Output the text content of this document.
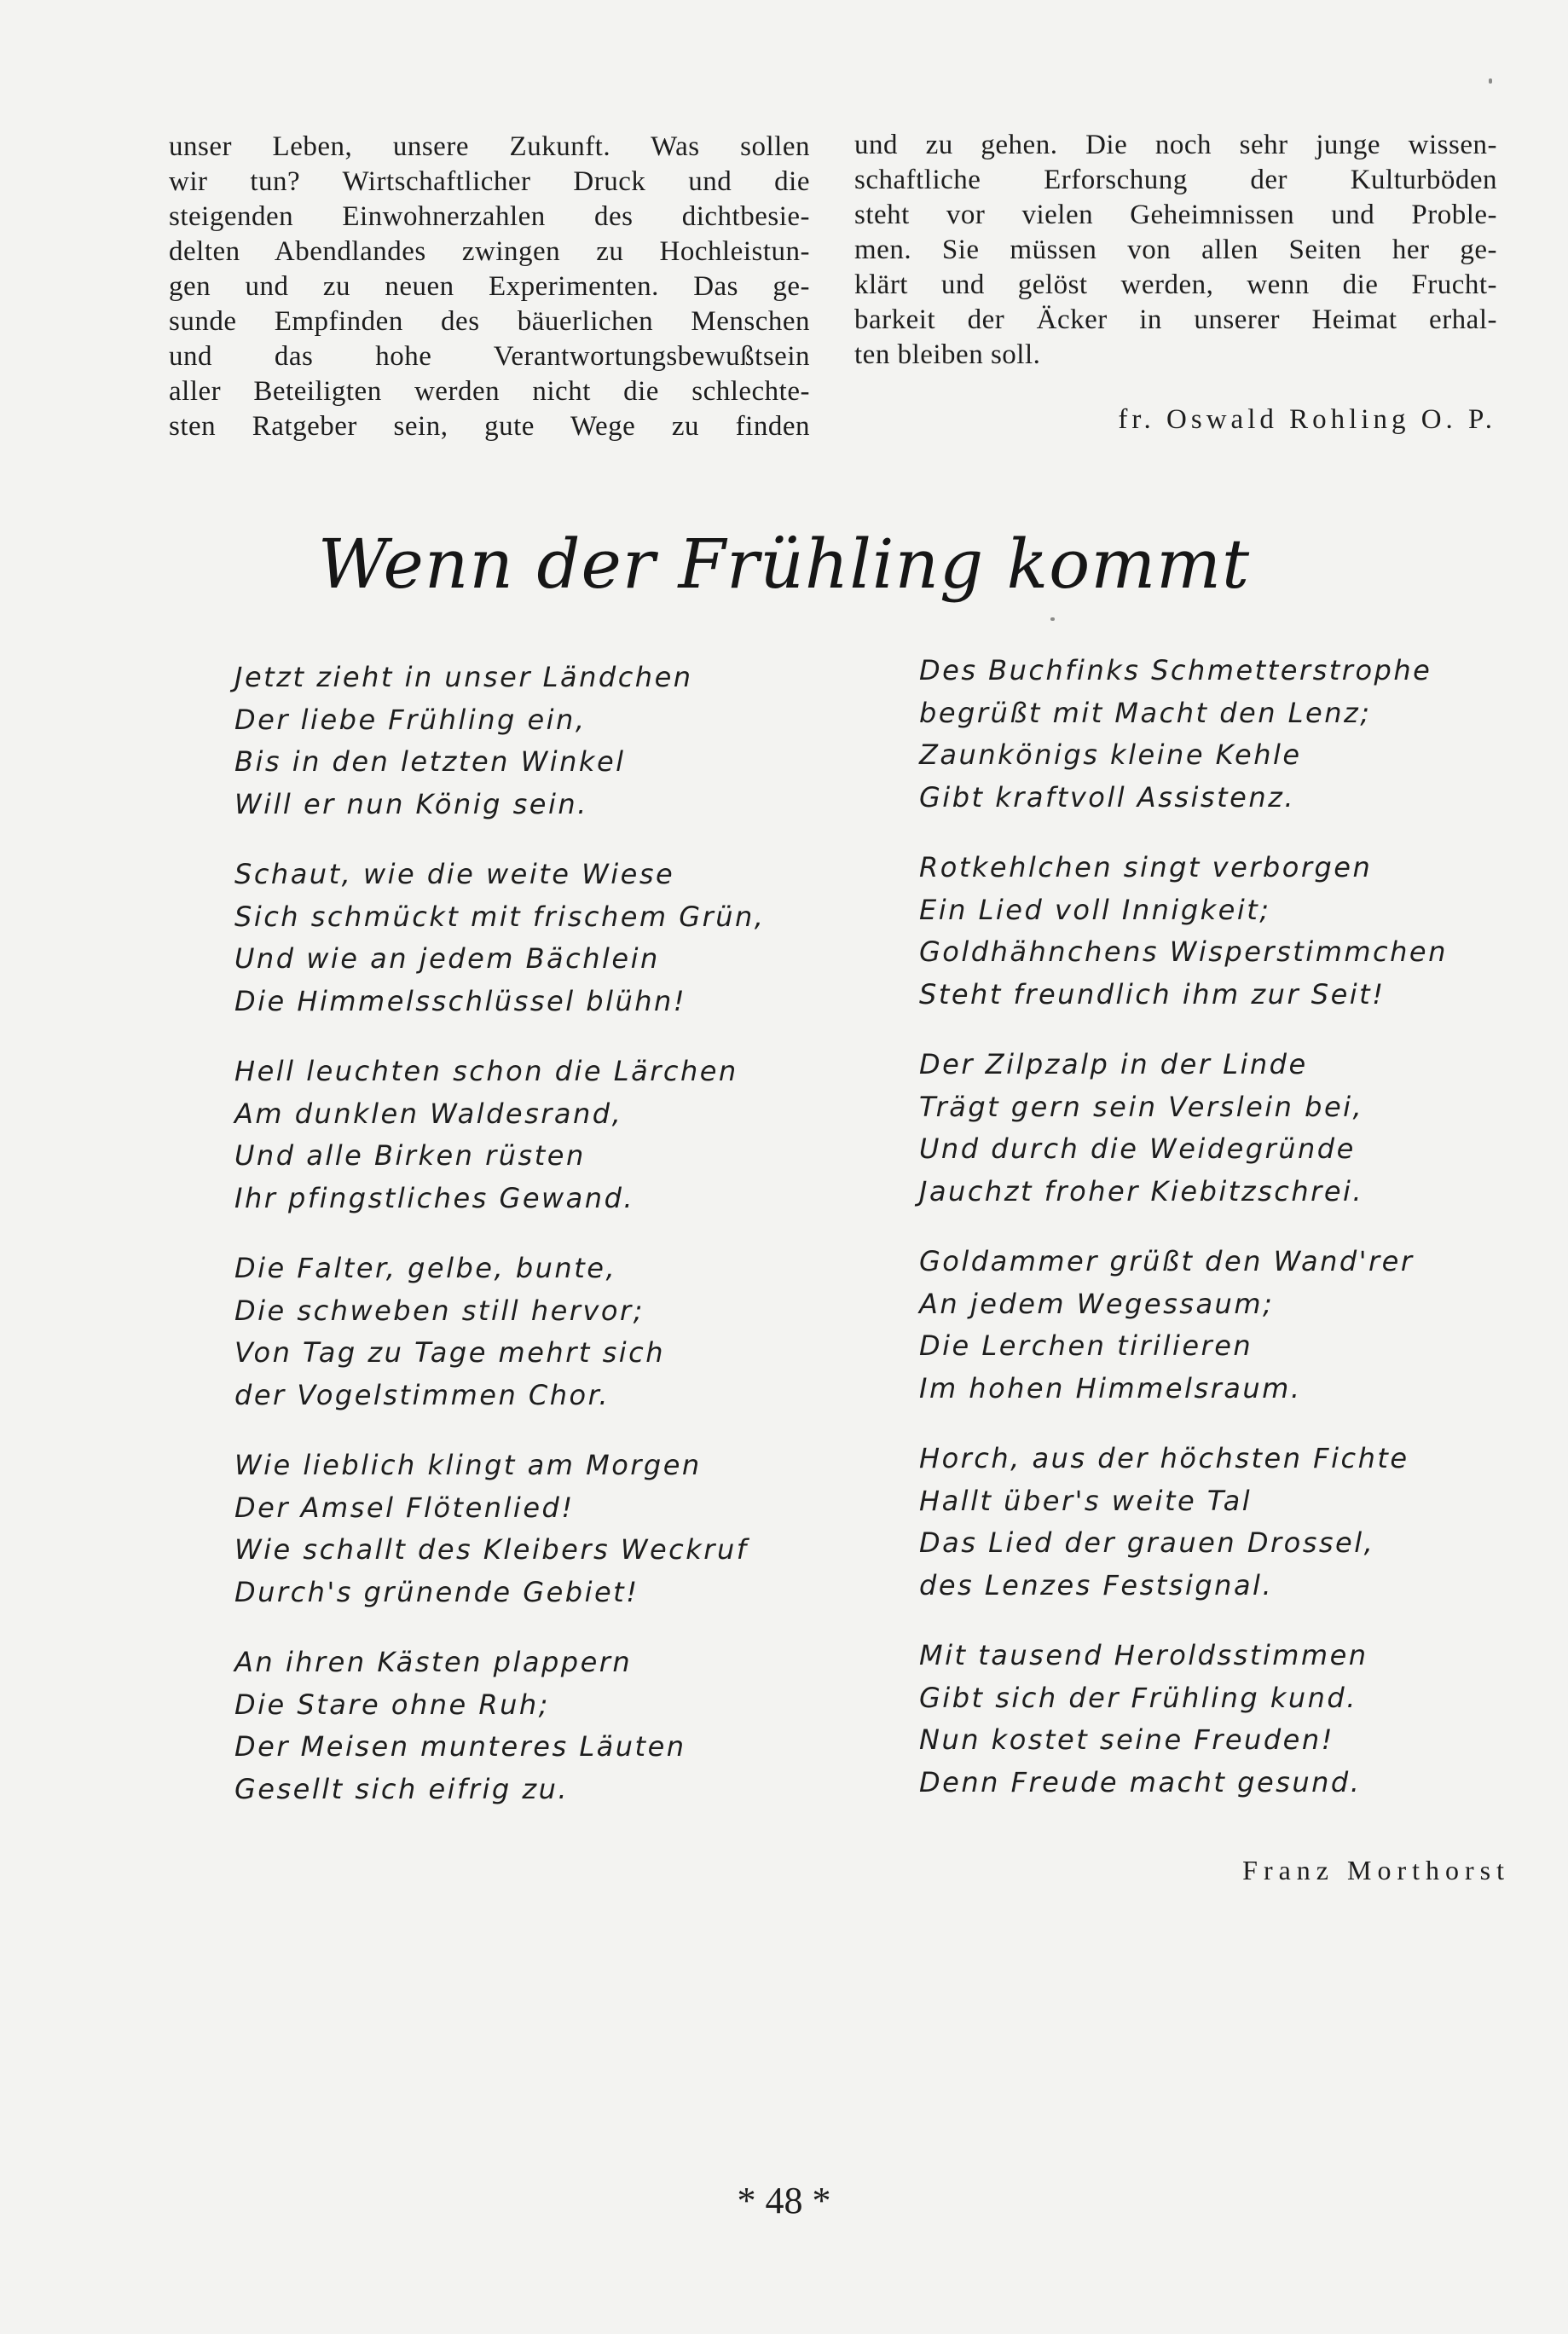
unser Leben, unsere Zukunft. Was sollen
wir tun? Wirtschaftlicher Druck und die
steigenden Einwohnerzahlen des dichtbesie-
delten Abendlandes zwingen zu Hochleistun-
gen und zu neuen Experimenten. Das ge-
sunde Empfinden des bäuerlichen Menschen
und das hohe Verantwortungsbewußtsein
aller Beteiligten werden nicht die schlechte-
sten Ratgeber sein, gute Wege zu finden
und zu gehen. Die noch sehr junge wissen-
schaftliche Erforschung der Kulturböden
steht vor vielen Geheimnissen und Proble-
men. Sie müssen von allen Seiten her ge-
klärt und gelöst werden, wenn die Frucht-
barkeit der Äcker in unserer Heimat erhal-
ten bleiben soll.
fr. Oswald Rohling O. P.
Wenn der Frühling kommt
Jetzt zieht in unser Ländchen
Der liebe Frühling ein,
Bis in den letzten Winkel
Will er nun König sein.
Schaut, wie die weite Wiese
Sich schmückt mit frischem Grün,
Und wie an jedem Bächlein
Die Himmelsschlüssel blühn!
Hell leuchten schon die Lärchen
Am dunklen Waldesrand,
Und alle Birken rüsten
Ihr pfingstliches Gewand.
Die Falter, gelbe, bunte,
Die schweben still hervor;
Von Tag zu Tage mehrt sich
der Vogelstimmen Chor.
Wie lieblich klingt am Morgen
Der Amsel Flötenlied!
Wie schallt des Kleibers Weckruf
Durch's grünende Gebiet!
An ihren Kästen plappern
Die Stare ohne Ruh;
Der Meisen munteres Läuten
Gesellt sich eifrig zu.
Des Buchfinks Schmetterstrophe
begrüßt mit Macht den Lenz;
Zaunkönigs kleine Kehle
Gibt kraftvoll Assistenz.
Rotkehlchen singt verborgen
Ein Lied voll Innigkeit;
Goldhähnchens Wisperstimmchen
Steht freundlich ihm zur Seit!
Der Zilpzalp in der Linde
Trägt gern sein Verslein bei,
Und durch die Weidegründe
Jauchzt froher Kiebitzschrei.
Goldammer grüßt den Wand'rer
An jedem Wegessaum;
Die Lerchen tirilieren
Im hohen Himmelsraum.
Horch, aus der höchsten Fichte
Hallt über's weite Tal
Das Lied der grauen Drossel,
des Lenzes Festsignal.
Mit tausend Heroldsstimmen
Gibt sich der Frühling kund.
Nun kostet seine Freuden!
Denn Freude macht gesund.
Franz Morthorst
* 48 *
